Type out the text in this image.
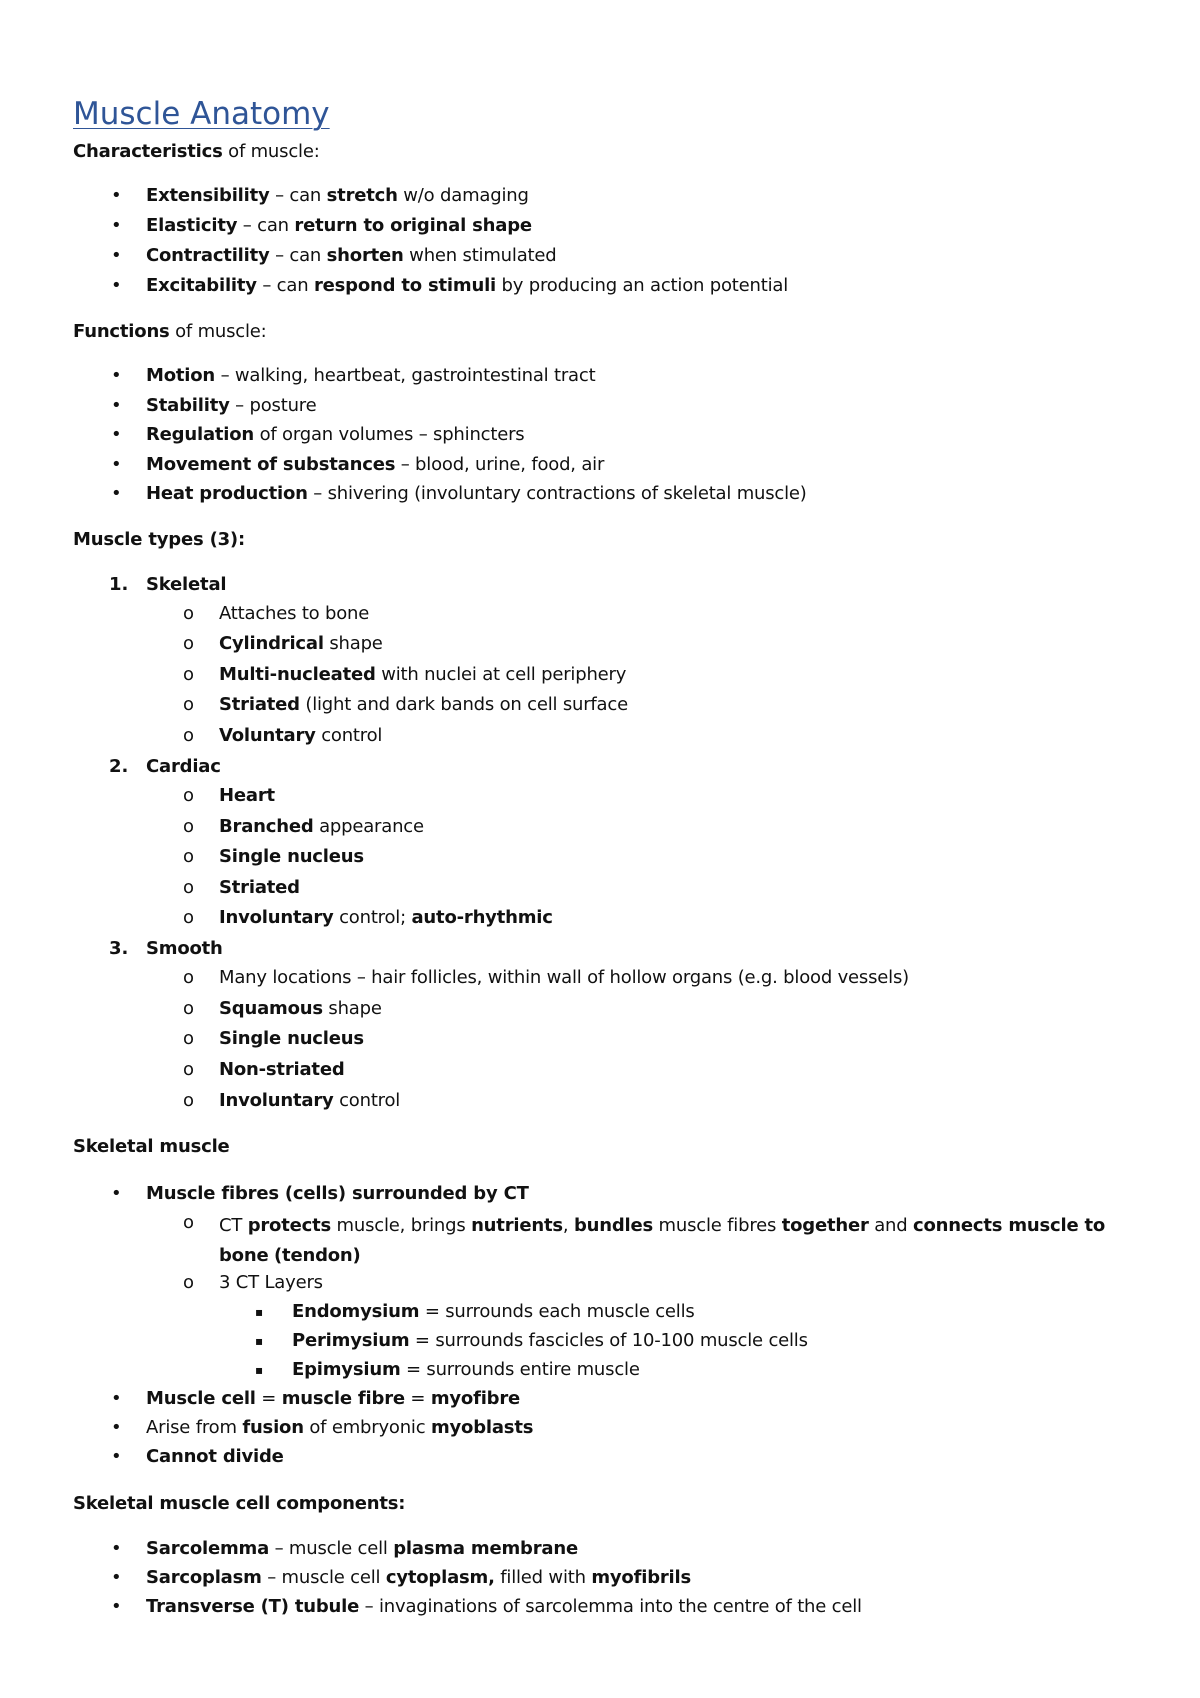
Muscle Anatomy
Characteristics of muscle:
• Extensibility – can stretch w/o damaging
• Elasticity – can return to original shape
• Contractility – can shorten when stimulated
• Excitability – can respond to stimuli by producing an action potential
Functions of muscle:
• Motion – walking, heartbeat, gastrointestinal tract
• Stability – posture
• Regulation of organ volumes – sphincters
• Movement of substances – blood, urine, food, air
• Heat production – shivering (involuntary contractions of skeletal muscle)
Muscle types (3):
1. Skeletal
o Attaches to bone
o Cylindrical shape
o Multi-nucleated with nuclei at cell periphery
o Striated (light and dark bands on cell surface
o Voluntary control
2. Cardiac
o Heart
o Branched appearance
o Single nucleus
o Striated
o Involuntary control; auto-rhythmic
3. Smooth
o Many locations – hair follicles, within wall of hollow organs (e.g. blood vessels)
o Squamous shape
o Single nucleus
o Non-striated
o Involuntary control
Skeletal muscle
• Muscle fibres (cells) surrounded by CT
o CT protects muscle, brings nutrients, bundles muscle fibres together and connects muscle to bone (tendon)
o 3 CT Layers
▪ Endomysium = surrounds each muscle cells
▪ Perimysium = surrounds fascicles of 10-100 muscle cells
▪ Epimysium = surrounds entire muscle
• Muscle cell = muscle fibre = myofibre
• Arise from fusion of embryonic myoblasts
• Cannot divide
Skeletal muscle cell components:
• Sarcolemma – muscle cell plasma membrane
• Sarcoplasm – muscle cell cytoplasm, filled with myofibrils
• Transverse (T) tubule – invaginations of sarcolemma into the centre of the cell
